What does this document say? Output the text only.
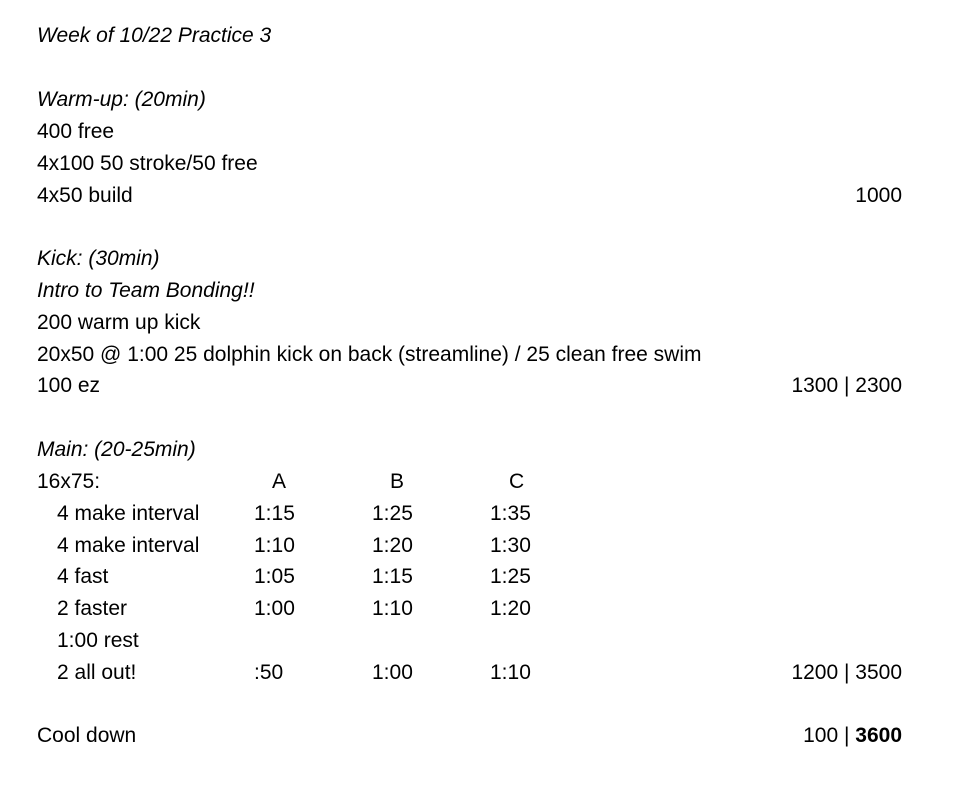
Week of 10/22 Practice 3
Warm-up: (20min)
400 free
4x100 50 stroke/50 free
4x50 build	1000
Kick: (30min)
Intro to Team Bonding!!
200 warm up kick
20x50 @ 1:00 25 dolphin kick on back (streamline) / 25 clean free swim
100 ez	1300 | 2300
Main: (20-25min)
16x75:	A	B	C
4 make interval	1:15	1:25	1:35
4 make interval	1:10	1:20	1:30
4 fast	1:05	1:15	1:25
2 faster	1:00	1:10	1:20
1:00 rest
2 all out!	:50	1:00	1:10	1200 | 3500
Cool down	100 | 3600
